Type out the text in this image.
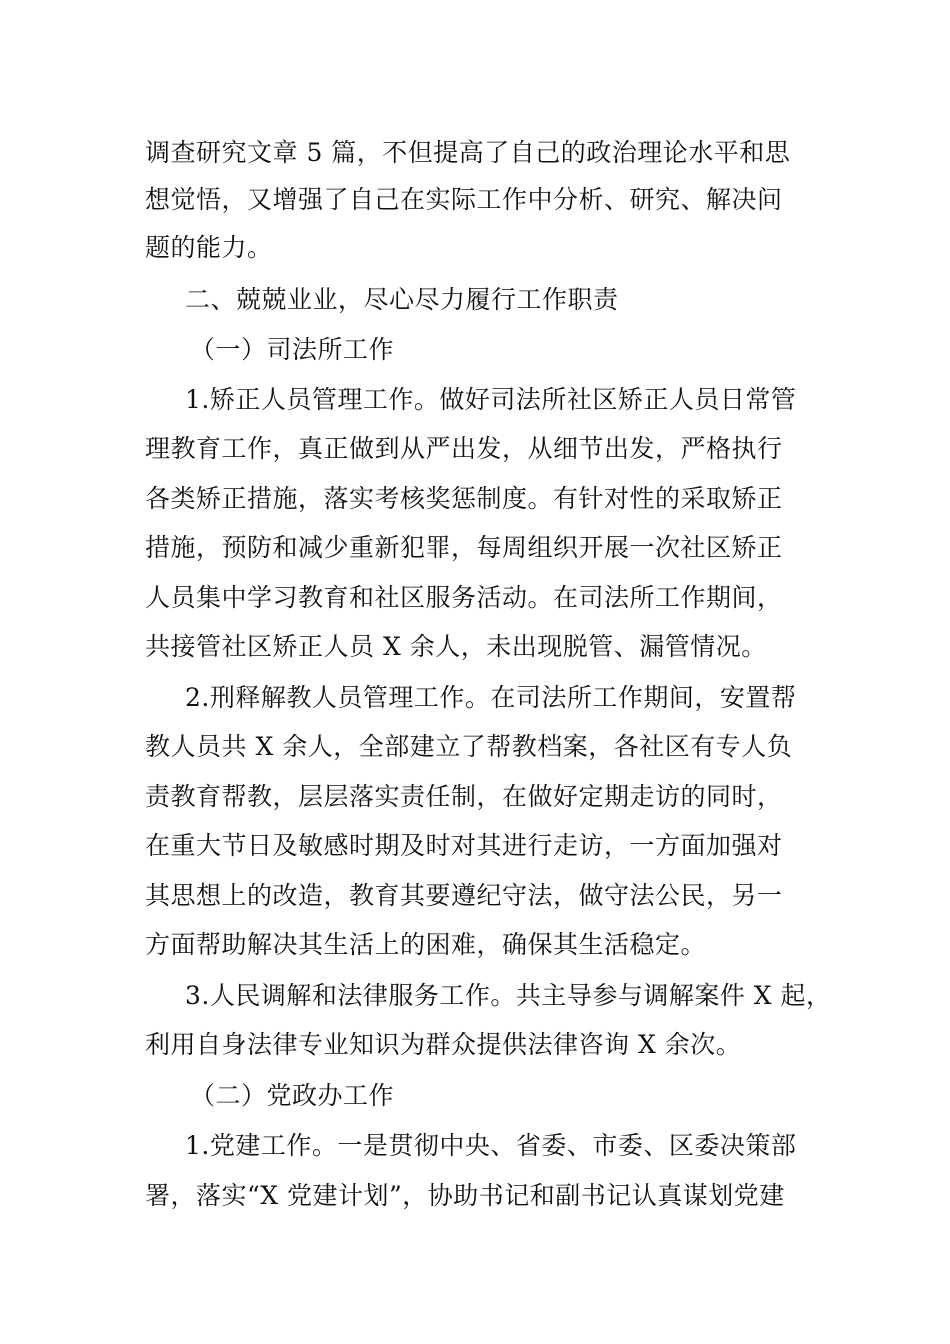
调查研究文章 5 篇，不但提高了自己的政治理论水平和思
想觉悟，又增强了自己在实际工作中分析、研究、解决问
题的能力。
二、兢兢业业，尽心尽力履行工作职责
（一）司法所工作
1.矫正人员管理工作。做好司法所社区矫正人员日常管
理教育工作，真正做到从严出发，从细节出发，严格执行
各类矫正措施，落实考核奖惩制度。有针对性的采取矫正
措施，预防和减少重新犯罪，每周组织开展一次社区矫正
人员集中学习教育和社区服务活动。在司法所工作期间，
共接管社区矫正人员 X 余人，未出现脱管、漏管情况。
2.刑释解教人员管理工作。在司法所工作期间，安置帮
教人员共 X 余人，全部建立了帮教档案，各社区有专人负
责教育帮教，层层落实责任制，在做好定期走访的同时，
在重大节日及敏感时期及时对其进行走访，一方面加强对
其思想上的改造，教育其要遵纪守法，做守法公民，另一
方面帮助解决其生活上的困难，确保其生活稳定。
3.人民调解和法律服务工作。共主导参与调解案件 X 起，
利用自身法律专业知识为群众提供法律咨询 X 余次。
（二）党政办工作
1.党建工作。一是贯彻中央、省委、市委、区委决策部
署，落实“X 党建计划”，协助书记和副书记认真谋划党建
